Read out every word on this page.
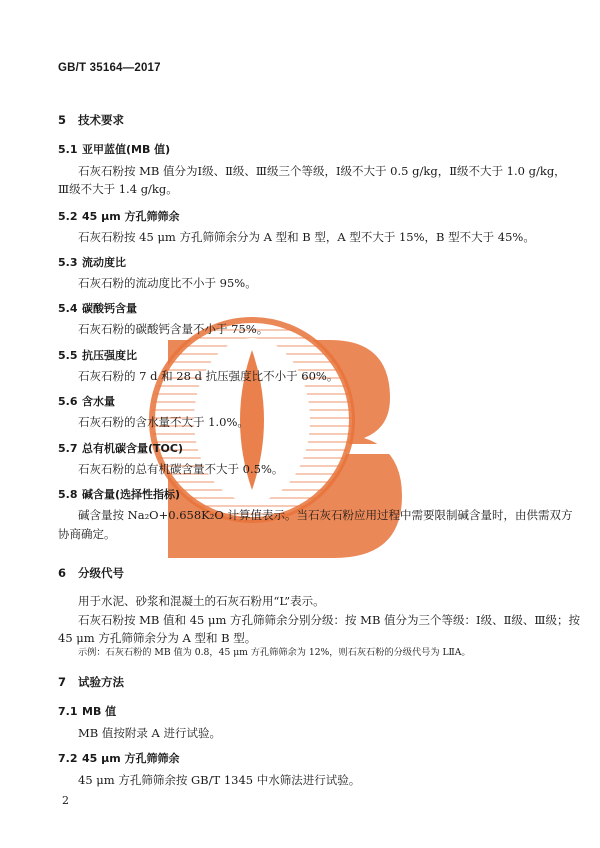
GB/T 35164—2017
5 技术要求
5.1 亚甲蓝值(MB 值)
石灰石粉按 MB 值分为Ⅰ级、Ⅱ级、Ⅲ级三个等级，Ⅰ级不大于 0.5 g/kg，Ⅱ级不大于 1.0 g/kg，
Ⅲ级不大于 1.4 g/kg。
5.2 45 μm 方孔筛筛余
石灰石粉按 45 μm 方孔筛筛余分为 A 型和 B 型，A 型不大于 15%，B 型不大于 45%。
5.3 流动度比
石灰石粉的流动度比不小于 95%。
5.4 碳酸钙含量
石灰石粉的碳酸钙含量不小于 75%。
5.5 抗压强度比
石灰石粉的 7 d 和 28 d 抗压强度比不小于 60%。
5.6 含水量
石灰石粉的含水量不大于 1.0%。
5.7 总有机碳含量(TOC)
石灰石粉的总有机碳含量不大于 0.5%。
5.8 碱含量(选择性指标)
碱含量按 Na₂O+0.658K₂O 计算值表示。当石灰石粉应用过程中需要限制碱含量时，由供需双方
协商确定。
6 分级代号
用于水泥、砂浆和混凝土的石灰石粉用“L”表示。
石灰石粉按 MB 值和 45 μm 方孔筛筛余分别分级：按 MB 值分为三个等级：Ⅰ级、Ⅱ级、Ⅲ级；按
45 μm 方孔筛筛余分为 A 型和 B 型。
示例：石灰石粉的 MB 值为 0.8，45 μm 方孔筛筛余为 12%，则石灰石粉的分级代号为 LⅡA。
7 试验方法
7.1 MB 值
MB 值按附录 A 进行试验。
7.2 45 μm 方孔筛筛余
45 μm 方孔筛筛余按 GB/T 1345 中水筛法进行试验。
2
